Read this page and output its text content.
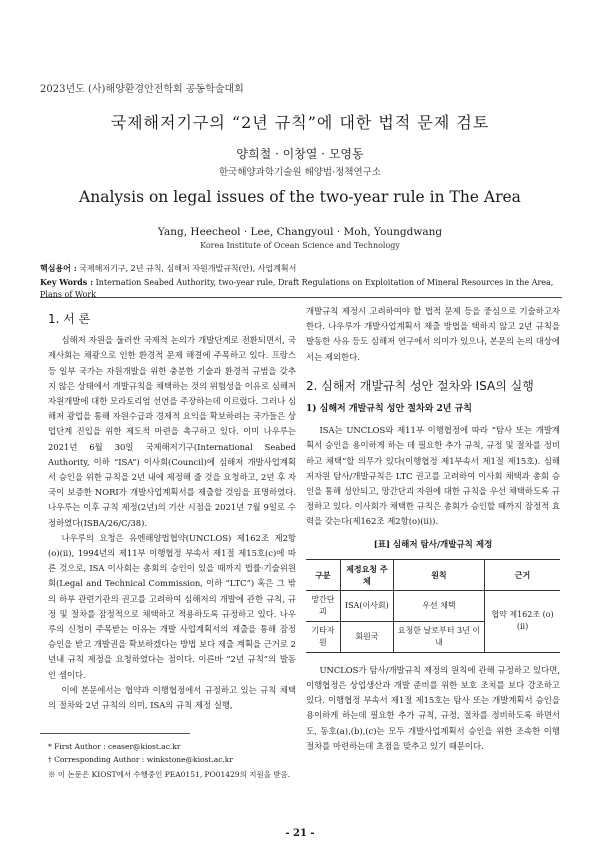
2023년도 (사)해양환경안전학회 공동학술대회
국제해저기구의 “2년 규칙”에 대한 법적 문제 검토
양희철 · 이창열 · 모영동
한국해양과학기술원 해양법·정책연구소
Analysis on legal issues of the two-year rule in The Area
Yang, Heecheol · Lee, Changyoul · Moh, Youngdwang
Korea Institute of Ocean Science and Technology
핵심용어 : 국제해저기구, 2년 규칙, 심해저 자원개발규칙(안), 사업계획서
Key Words : Internation Seabed Authority, two-year rule, Draft Regulations on Exploitation of Mineral Resources in the Area, Plans of Work
1. 서 론

심해저 자원을 둘러싼 국제적 논의가 개발단계로 전환되면서, 국제사회는 채광으로 인한 환경적 문제 해결에 주목하고 있다. 프랑스 등 일부 국가는 자원개발을 위한 충분한 기술과 환경적 규범을 갖추지 않은 상태에서 개발규칙을 채택하는 것의 위험성을 이유로 심해저 자원개발에 대한 모라토리엄 선언을 주장하는데 이르렀다. 그러나 심해저 광업을 통해 자원수급과 경제적 요익을 확보하려는 국가들은 상업단계 진입을 위한 제도적 마련을 촉구하고 있다. 이미 나우루는 2021년 6월 30일 국제해저기구(International Seabed Authority, 이하 “ISA”) 이사회(Council)에 심해저 개발사업계획서 승인을 위한 규칙을 2년 내에 제정해 줄 것을 요청하고, 2년 후 자국이 보증한 NORI가 개발사업계획서를 제출할 것임을 표명하였다. 나우루는 이후 규칙 제정(2년)의 기산 시점을 2021년 7월 9일로 수정하였다(ISBA/26/C/38).

나우루의 요청은 유엔해양법협약(UNCLOS) 제162조 제2항(o)(ii), 1994년의 제11부 이행협정 부속서 제1절 제15호(c)에 따른 것으로, ISA 이사회는 총회의 승인이 있을 때까지 법률·기술위원회(Legal and Technical Commission, 이하 “LTC”) 혹은 그 밖의 하부 관련기관의 권고를 고려하여 심해저의 개발에 관한 규칙, 규정 및 절차를 잠정적으로 채택하고 적용하도록 규정하고 있다. 나우루의 신청이 주목받는 이유는 개발 사업계획서의 제출을 통해 잠정 승인을 받고 개발권을 확보하겠다는 방법 보다 제출 계획을 근거로 2년내 규칙 제정을 요청하였다는 점이다. 이른바 “2년 규칙”의 발동인 셈이다.

이에 본문에서는 협약과 이행협정에서 규정하고 있는 규칙 채택의 절차와 2년 규칙의 의미, ISA의 규칙 제정 실행,

개발규칙 제정시 고려하여야 할 법적 문제 등을 중심으로 기술하고자 한다. 나우루가 개발사업계획서 제출 방법을 택하지 않고 2년 규칙을 발동한 사유 등도 심해저 연구에서 의미가 있으나, 본문의 논의 대상에서는 제외한다.

2. 심해저 개발규칙 성안 절차와 ISA의 실행
1) 심해저 개발규칙 성안 절차와 2년 규칙

ISA는 UNCLOS와 제11부 이행협정에 따라 “탐사 또는 개발계획서 승인을 용이하게 하는 데 필요한 추가 규칙, 규정 및 절차를 정비하고 채택”할 의무가 있다(이행협정 제1부속서 제1절 제15호). 심해저자원 탐사/개발규칙은 LTC 권고를 고려하여 이사회 채택과 총회 승인을 통해 성안되고, 망간단괴 자원에 대한 규칙을 우선 채택하도록 규정하고 있다. 이사회가 채택한 규칙은 총회가 승인할 때까지 잠정적 효력을 갖는다(제162조 제2항(o)(ii)).

[표] 심해저 탐사/개발규칙 제정
구분	제정요청 주체	원칙	근거
망간단괴	ISA(이사회)	우선 채택	협약 제162조 (o)(ii)
기타자원	회원국	요청한 날로부터 3년 이내	

UNCLOS가 탐사/개발규칙 제정의 원칙에 관해 규정하고 있다면, 이행협정은 상업생산과 개발 준비를 위한 보호 조치를 보다 강조하고 있다. 이행협정 부속서 제1절 제15호는 탐사 또는 개발계획서 승인을 용이하게 하는데 필요한 추가 규칙, 규정, 절차를 정비하도록 하면서도, 동호(a),(b),(c)는 모두 개발사업계획서 승인을 위한 조속한 이행절차를 마련하는데 초점을 맞추고 있기 때문이다.

* First Author : ceaser@kiost.ac.kr
† Corresponding Author : winkstone@kiost.ac.kr
※ 이 논문은 KIOST에서 수행중인 PEA0151, PO01429의 지원을 받음.
- 21 -
